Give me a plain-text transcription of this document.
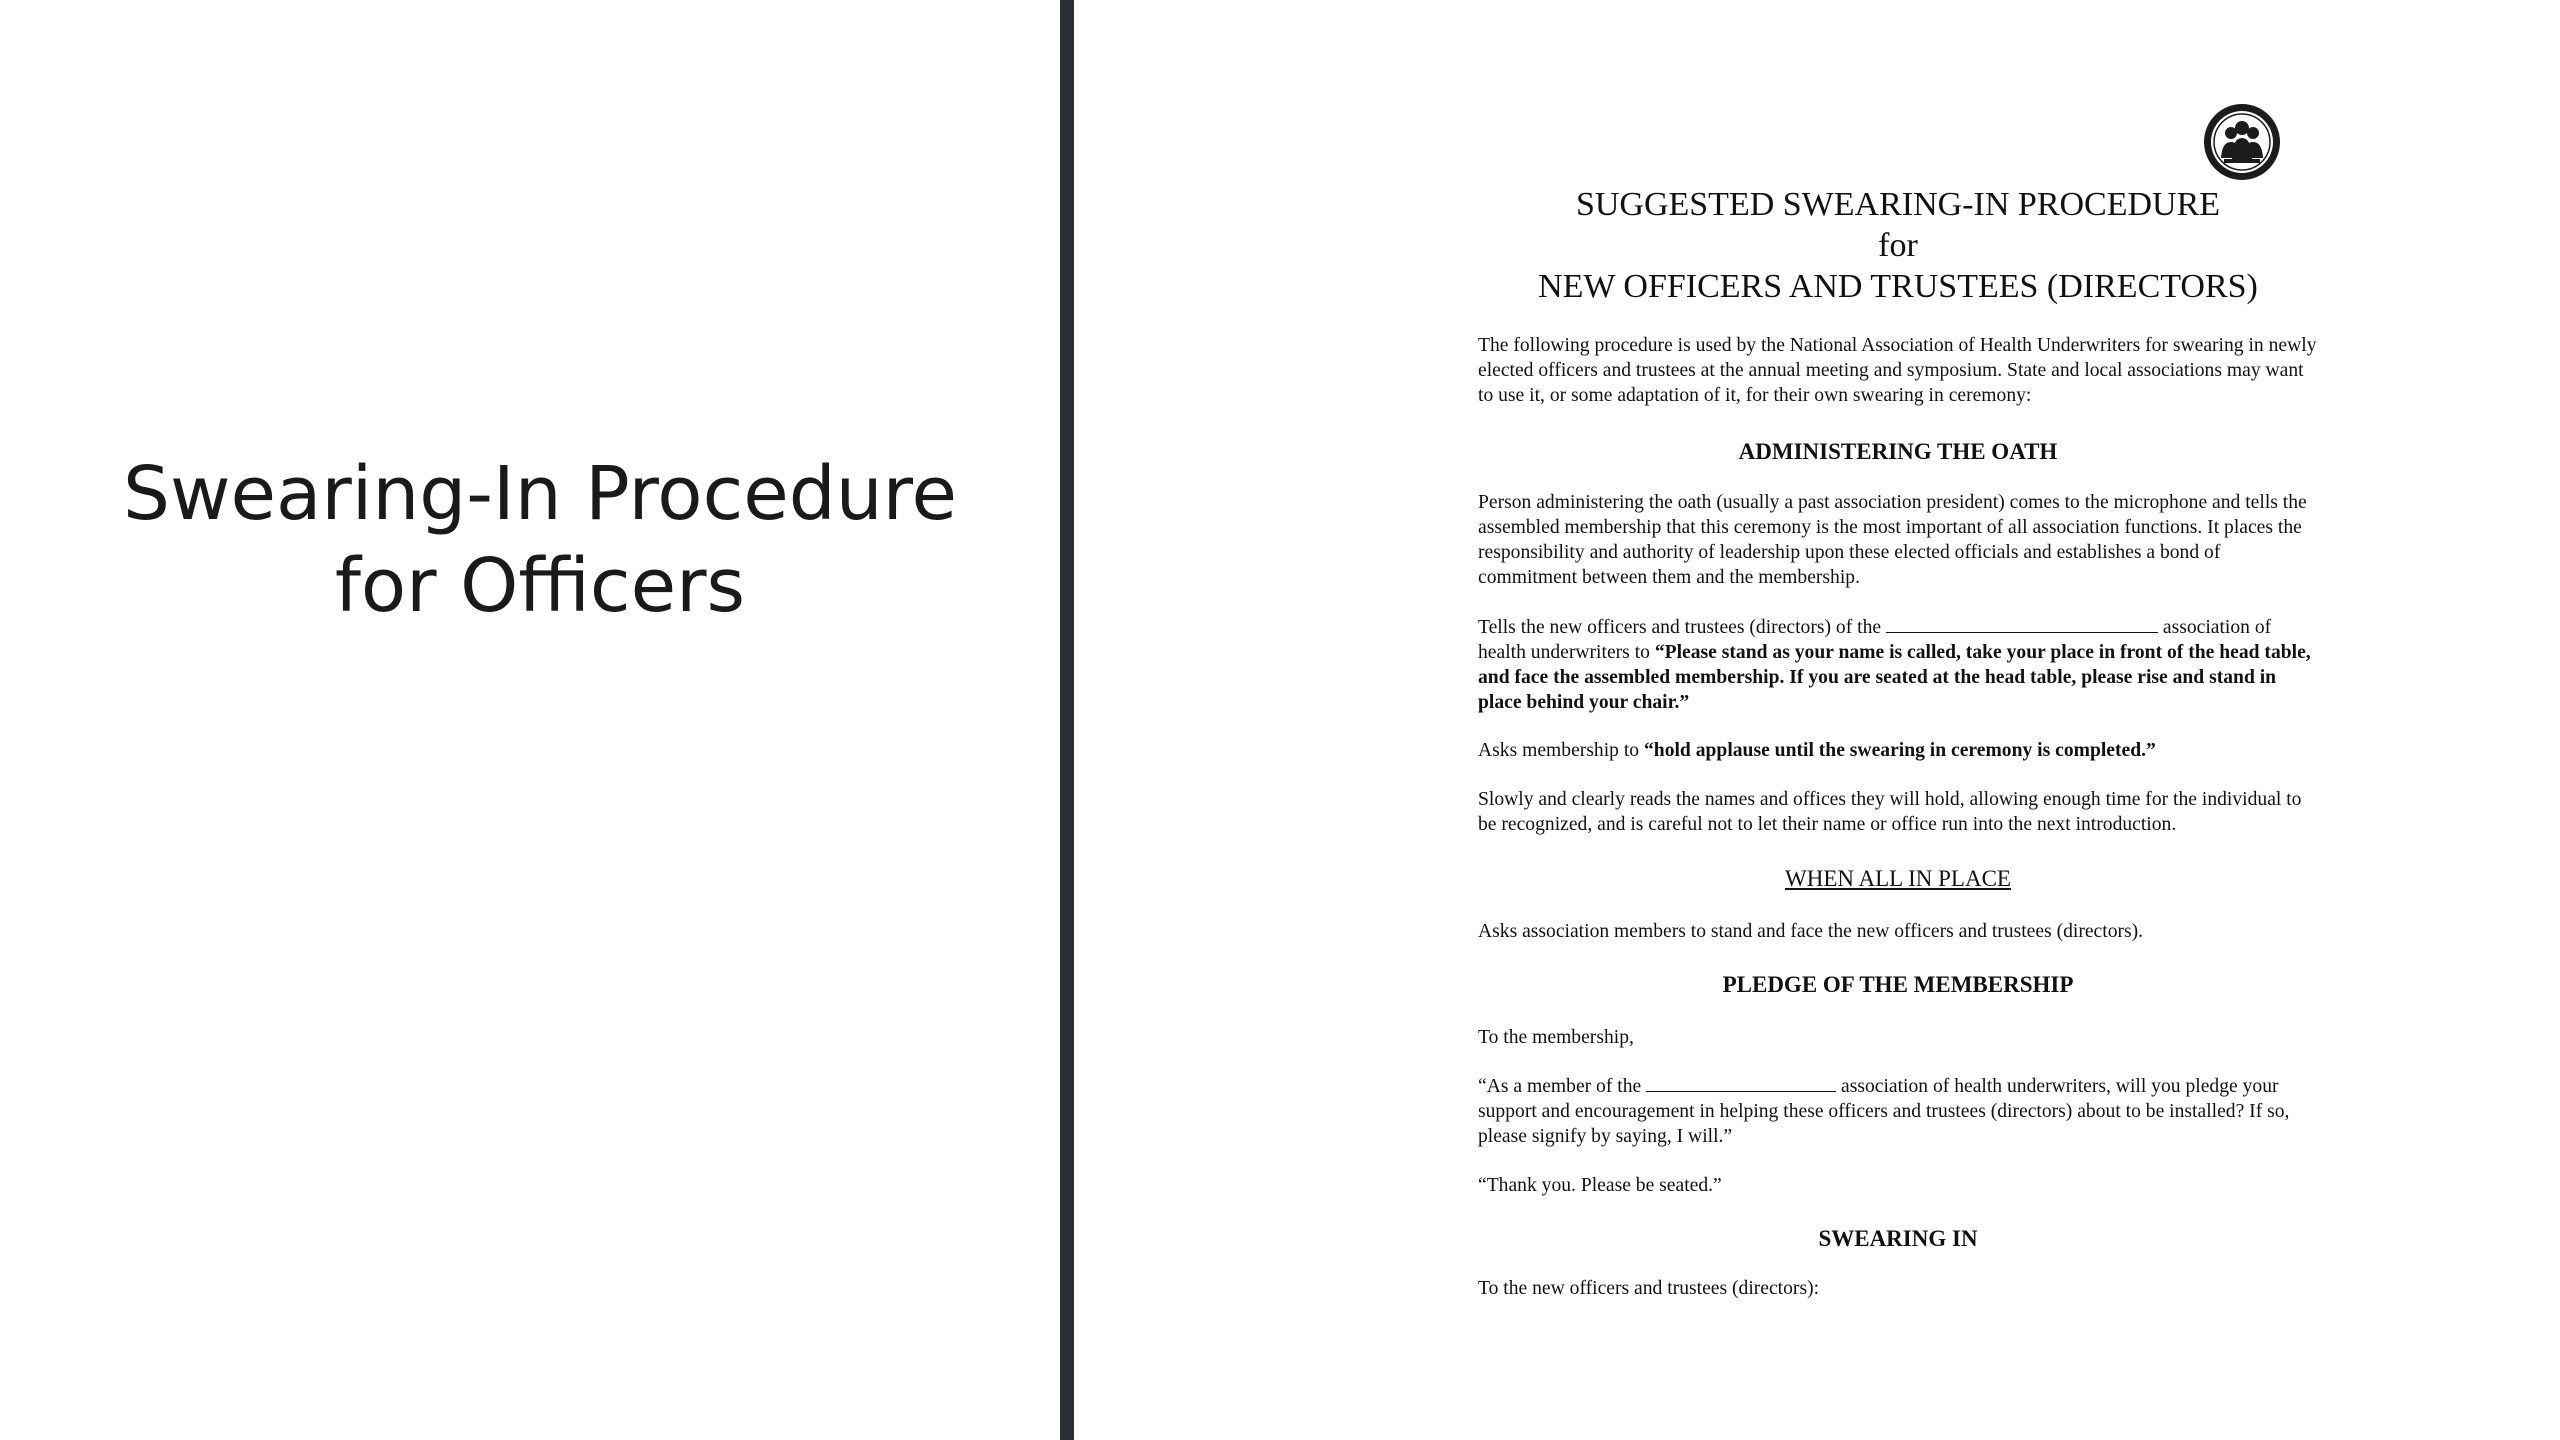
Swearing-In Procedure for Officers
SUGGESTED SWEARING-IN PROCEDURE
for
NEW OFFICERS AND TRUSTEES (DIRECTORS)

The following procedure is used by the National Association of Health Underwriters for swearing in newly elected officers and trustees at the annual meeting and symposium. State and local associations may want to use it, or some adaptation of it, for their own swearing in ceremony:

ADMINISTERING THE OATH

Person administering the oath (usually a past association president) comes to the microphone and tells the assembled membership that this ceremony is the most important of all association functions. It places the responsibility and authority of leadership upon these elected officials and establishes a bond of commitment between them and the membership.

Tells the new officers and trustees (directors) of the	association of health underwriters to “Please stand as your name is called, take your place in front of the head table, and face the assembled membership. If you are seated at the head table, please rise and stand in place behind your chair.”

Asks membership to “hold applause until the swearing in ceremony is completed.”

Slowly and clearly reads the names and offices they will hold, allowing enough time for the individual to be recognized, and is careful not to let their name or office run into the next introduction.

WHEN ALL IN PLACE

Asks association members to stand and face the new officers and trustees (directors).

PLEDGE OF THE MEMBERSHIP

To the membership,

“As a member of the	association of health underwriters, will you pledge your support and encouragement in helping these officers and trustees (directors) about to be installed? If so, please signify by saying, I will.”

“Thank you. Please be seated.”

SWEARING IN

To the new officers and trustees (directors):
